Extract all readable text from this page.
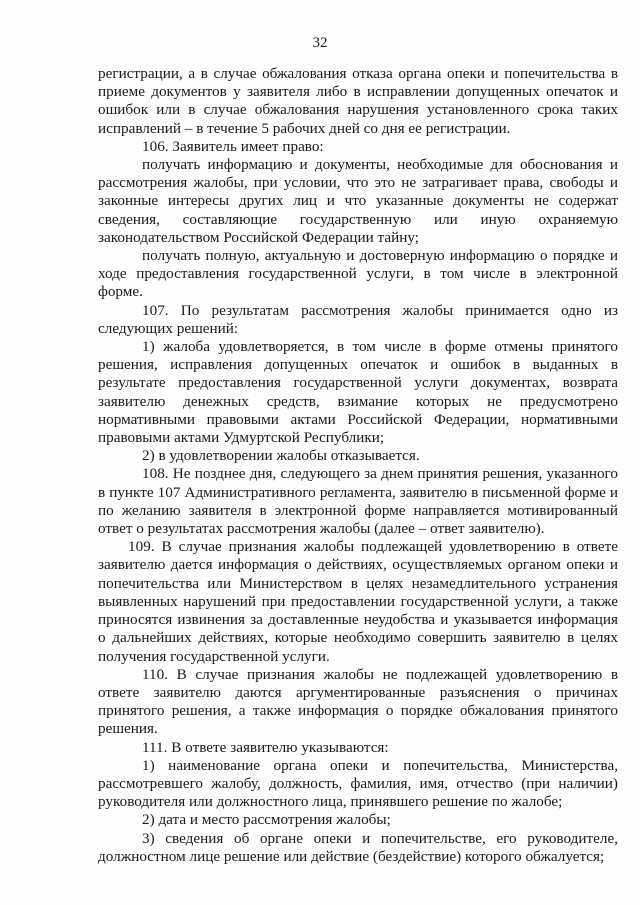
32

регистрации, а в случае обжалования отказа органа опеки и попечительства в приеме документов у заявителя либо в исправлении допущенных опечаток и ошибок или в случае обжалования нарушения установленного срока таких исправлений – в течение 5 рабочих дней со дня ее регистрации.

106. Заявитель имеет право:

получать информацию и документы, необходимые для обоснования и рассмотрения жалобы, при условии, что это не затрагивает права, свободы и законные интересы других лиц и что указанные документы не содержат сведения, составляющие государственную или иную охраняемую законодательством Российской Федерации тайну;

получать полную, актуальную и достоверную информацию о порядке и ходе предоставления государственной услуги, в том числе в электронной форме.

107. По результатам рассмотрения жалобы принимается одно из следующих решений:

1) жалоба удовлетворяется, в том числе в форме отмены принятого решения, исправления допущенных опечаток и ошибок в выданных в результате предоставления государственной услуги документах, возврата заявителю денежных средств, взимание которых не предусмотрено нормативными правовыми актами Российской Федерации, нормативными правовыми актами Удмуртской Республики;

2) в удовлетворении жалобы отказывается.

108. Не позднее дня, следующего за днем принятия решения, указанного в пункте 107 Административного регламента, заявителю в письменной форме и по желанию заявителя в электронной форме направляется мотивированный ответ о результатах рассмотрения жалобы (далее – ответ заявителю).

109. В случае признания жалобы подлежащей удовлетворению в ответе заявителю дается информация о действиях, осуществляемых органом опеки и попечительства или Министерством в целях незамедлительного устранения выявленных нарушений при предоставлении государственной услуги, а также приносятся извинения за доставленные неудобства и указывается информация о дальнейших действиях, которые необходимо совершить заявителю в целях получения государственной услуги.

110. В случае признания жалобы не подлежащей удовлетворению в ответе заявителю даются аргументированные разъяснения о причинах принятого решения, а также информация о порядке обжалования принятого решения.

111. В ответе заявителю указываются:

1) наименование органа опеки и попечительства, Министерства, рассмотревшего жалобу, должность, фамилия, имя, отчество (при наличии) руководителя или должностного лица, принявшего решение по жалобе;

2) дата и место рассмотрения жалобы;

3) сведения об органе опеки и попечительстве, его руководителе, должностном лице решение или действие (бездействие) которого обжалуется;
